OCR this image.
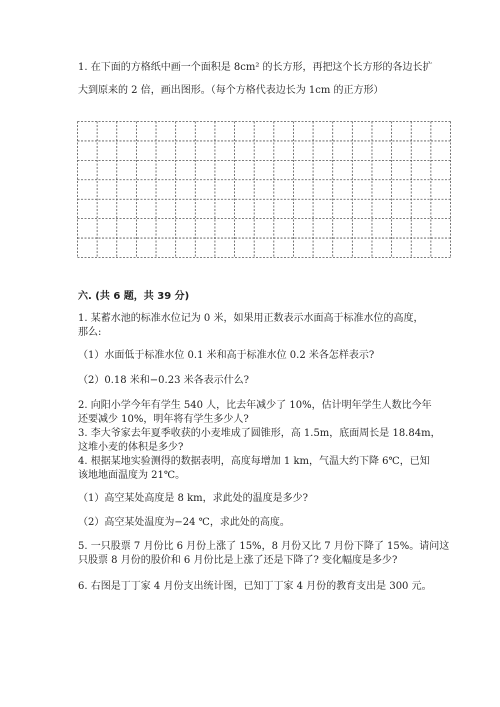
1. 在下面的方格纸中画一个面积是 8cm² 的长方形，再把这个长方形的各边长扩
大到原来的 2 倍，画出图形。（每个方格代表边长为 1cm 的正方形）
六. (共 6 题，共 39 分)
1. 某蓄水池的标准水位记为 0 米，如果用正数表示水面高于标准水位的高度，
那么:
（1）水面低于标准水位 0.1 米和高于标准水位 0.2 米各怎样表示?
（2）0.18 米和−0.23 米各表示什么?
2. 向阳小学今年有学生 540 人，比去年减少了 10%，估计明年学生人数比今年
还要减少 10%，明年将有学生多少人?
3. 李大爷家去年夏季收获的小麦堆成了圆锥形，高 1.5m，底面周长是 18.84m，
这堆小麦的体积是多少?
4. 根据某地实验测得的数据表明，高度每增加 1 km，气温大约下降 6℃，已知
该地地面温度为 21℃。
（1）高空某处高度是 8 km，求此处的温度是多少?
（2）高空某处温度为−24 ℃，求此处的高度。
5. 一只股票 7 月份比 6 月份上涨了 15%，8 月份又比 7 月份下降了 15%。请问这
只股票 8 月份的股价和 6 月份比是上涨了还是下降了? 变化幅度是多少?
6. 右图是丁丁家 4 月份支出统计图，已知丁丁家 4 月份的教育支出是 300 元。
